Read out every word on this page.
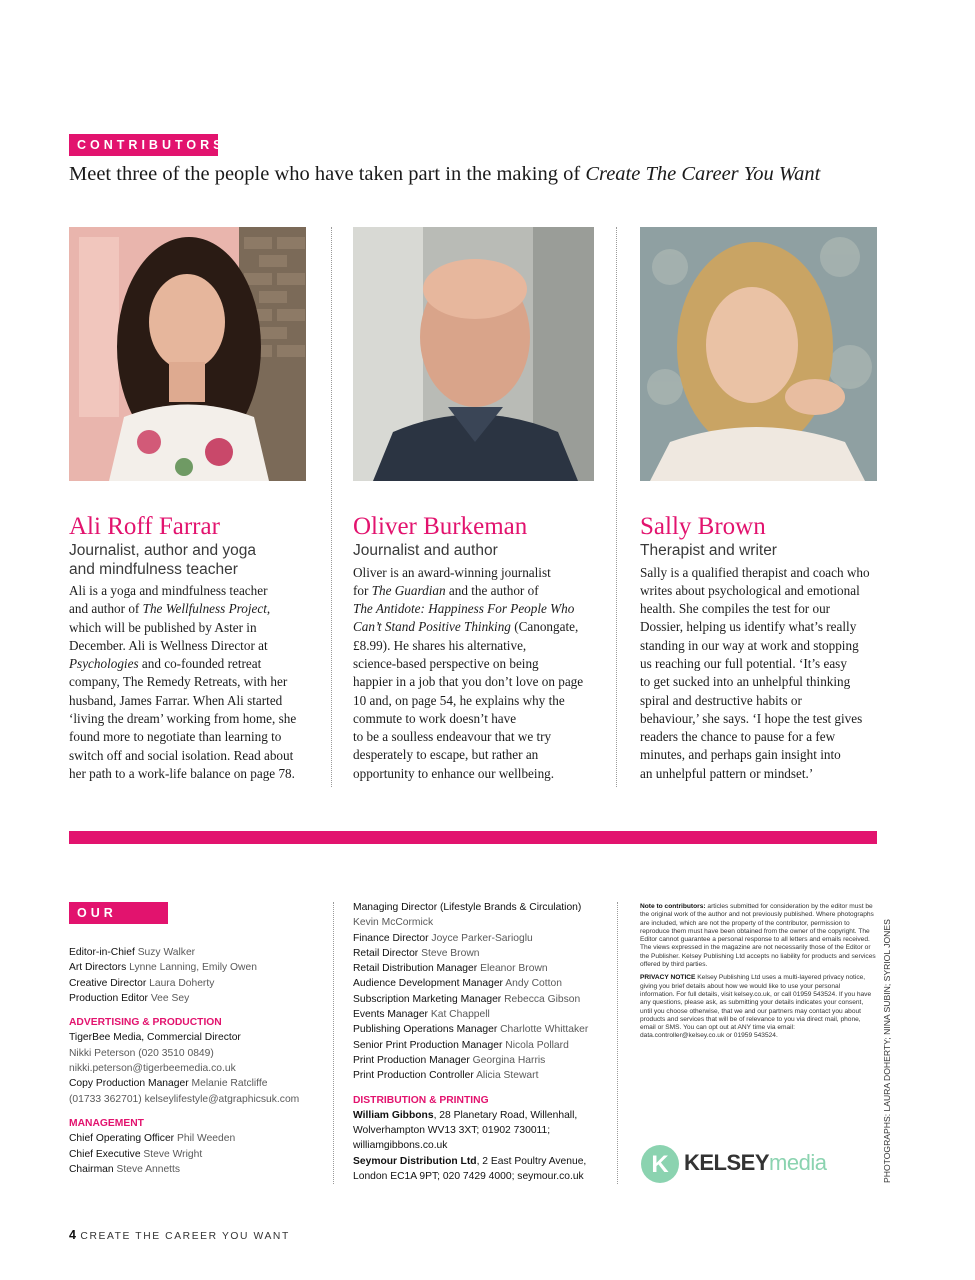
CONTRIBUTORS
Meet three of the people who have taken part in the making of Create The Career You Want
Ali Roff Farrar
Journalist, author and yoga
and mindfulness teacher
Ali is a yoga and mindfulness teacher
and author of The Wellfulness Project,
which will be published by Aster in
December. Ali is Wellness Director at
Psychologies and co-founded retreat
company, The Remedy Retreats, with her
husband, James Farrar. When Ali started
‘living the dream’ working from home, she
found more to negotiate than learning to
switch off and social isolation. Read about
her path to a work-life balance on page 78.
Oliver Burkeman
Journalist and author
Oliver is an award-winning journalist
for The Guardian and the author of
The Antidote: Happiness For People Who
Can’t Stand Positive Thinking (Canongate,
£8.99). He shares his alternative,
science-based perspective on being
happier in a job that you don’t love on page
10 and, on page 54, he explains why the
commute to work doesn’t have
to be a soulless endeavour that we try
desperately to escape, but rather an
opportunity to enhance our wellbeing.
Sally Brown
Therapist and writer
Sally is a qualified therapist and coach who
writes about psychological and emotional
health. She compiles the test for our
Dossier, helping us identify what’s really
standing in our way at work and stopping
us reaching our full potential. ‘It’s easy
to get sucked into an unhelpful thinking
spiral and destructive habits or
behaviour,’ she says. ‘I hope the test gives
readers the chance to pause for a few
minutes, and perhaps gain insight into
an unhelpful pattern or mindset.’
OUR TEAM
Editor-in-Chief Suzy Walker
Art Directors Lynne Lanning, Emily Owen
Creative Director Laura Doherty
Production Editor Vee Sey
ADVERTISING & PRODUCTION
TigerBee Media, Commercial Director
Nikki Peterson (020 3510 0849)
nikki.peterson@tigerbeemedia.co.uk
Copy Production Manager Melanie Ratcliffe
(01733 362701) kelseylifestyle@atgraphicsuk.com
MANAGEMENT
Chief Operating Officer Phil Weeden
Chief Executive Steve Wright
Chairman Steve Annetts
Managing Director (Lifestyle Brands & Circulation)
Kevin McCormick
Finance Director Joyce Parker-Sarioglu
Retail Director Steve Brown
Retail Distribution Manager Eleanor Brown
Audience Development Manager Andy Cotton
Subscription Marketing Manager Rebecca Gibson
Events Manager Kat Chappell
Publishing Operations Manager Charlotte Whittaker
Senior Print Production Manager Nicola Pollard
Print Production Manager Georgina Harris
Print Production Controller Alicia Stewart
DISTRIBUTION & PRINTING
William Gibbons, 28 Planetary Road, Willenhall,
Wolverhampton WV13 3XT; 01902 730011;
williamgibbons.co.uk
Seymour Distribution Ltd, 2 East Poultry Avenue,
London EC1A 9PT; 020 7429 4000; seymour.co.uk

Note to contributors: articles submitted for consideration by the editor must be the original work of the author and not previously published. Where photographs are included, which are not the property of the contributor, permission to reproduce them must have been obtained from the owner of the copyright. The Editor cannot guarantee a personal response to all letters and emails received. The views expressed in the magazine are not necessarily those of the Editor or the Publisher. Kelsey Publishing Ltd accepts no liability for products and services offered by third parties.

PRIVACY NOTICE Kelsey Publishing Ltd uses a multi-layered privacy notice, giving you brief details about how we would like to use your personal information. For full details, visit kelsey.co.uk, or call 01959 543524. If you have any questions, please ask, as submitting your details indicates your consent, until you choose otherwise, that we and our partners may contact you about products and services that will be of relevance to you via direct mail, phone, email or SMS. You can opt out at ANY time via email: data.controller@kelsey.co.uk or 01959 543524.

K KELSEYmedia	PHOTOGRAPHS: LAURA DOHERTY; NINA SUBIN; SYRIOL JONES
4 CREATE THE CAREER YOU WANT
